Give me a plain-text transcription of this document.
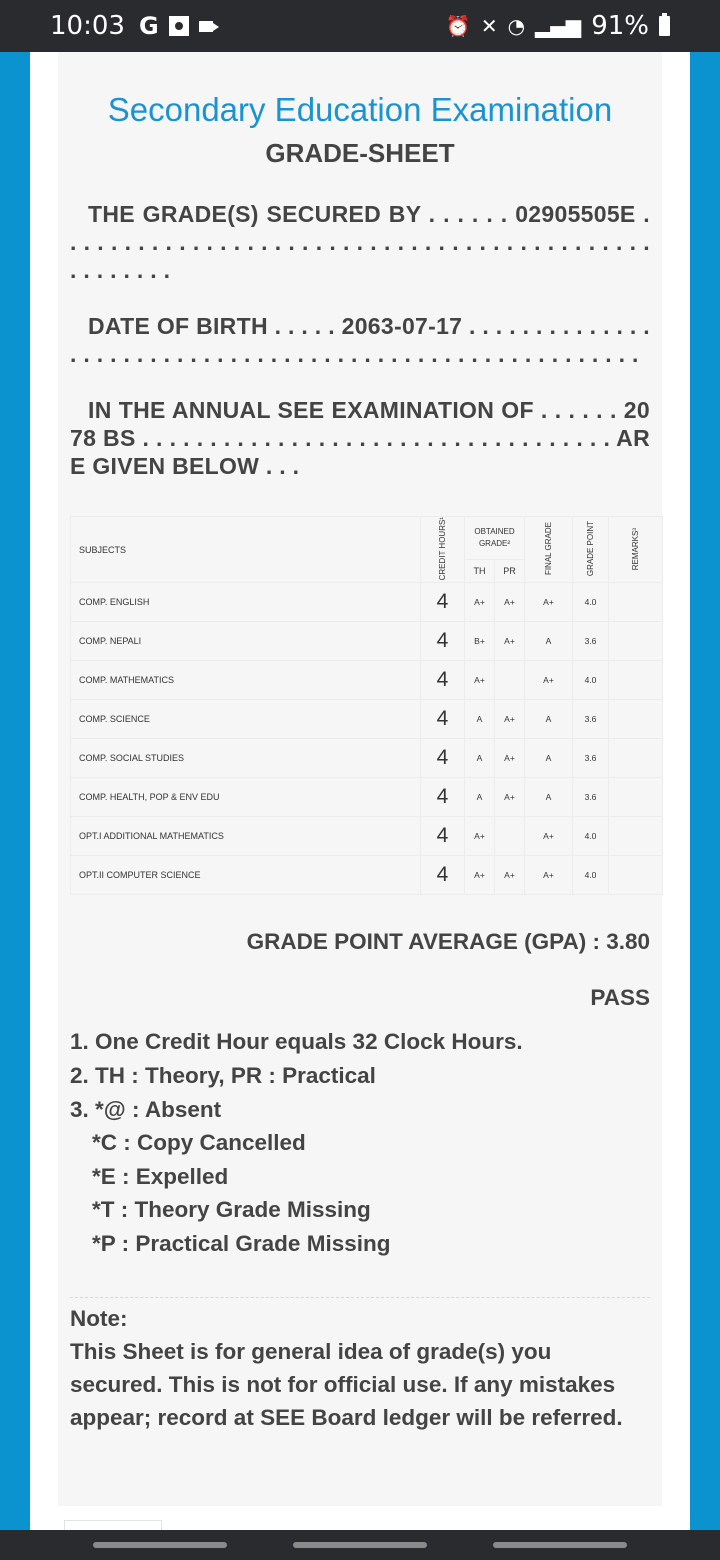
10:03 G	⏰ ✕ ◔ ▂▄▆ 91%
Secondary Education Examination
GRADE-SHEET
THE GRADE(S) SECURED BY . . . . . . 02905505E . . . . . . . . . . . . . . . . . . . . . . . . . . . . . . . . . . . . . . . . . . . . . . . . . . . .
DATE OF BIRTH . . . . . 2063-07-17 . . . . . . . . . . . . . . . . . . . . . . . . . . . . . . . . . . . . . . . . . . . . . . . . . . . . . . . . .
IN THE ANNUAL SEE EXAMINATION OF . . . . . . 2078 BS . . . . . . . . . . . . . . . . . . . . . . . . . . . . . . . . . . . ARE GIVEN BELOW . . .
SUBJECTS	CREDIT HOURS¹	OBTAINED GRADE²		FINAL GRADE	GRADE POINT	REMARKS³
		TH	PR			
COMP. ENGLISH	4	A+	A+	A+	4.0	
COMP. NEPALI	4	B+	A+	A	3.6	
COMP. MATHEMATICS	4	A+		A+	4.0	
COMP. SCIENCE	4	A	A+	A	3.6	
COMP. SOCIAL STUDIES	4	A	A+	A	3.6	
COMP. HEALTH, POP & ENV EDU	4	A	A+	A	3.6	
OPT.I ADDITIONAL MATHEMATICS	4	A+		A+	4.0	
OPT.II COMPUTER SCIENCE	4	A+	A+	A+	4.0	
GRADE POINT AVERAGE (GPA) : 3.80
PASS
1. One Credit Hour equals 32 Clock Hours.
2. TH : Theory, PR : Practical
3. *@ : Absent
*C : Copy Cancelled
*E : Expelled
*T : Theory Grade Missing
*P : Practical Grade Missing
Note:
This Sheet is for general idea of grade(s) you secured. This is not for official use. If any mistakes appear; record at SEE Board ledger will be referred.
